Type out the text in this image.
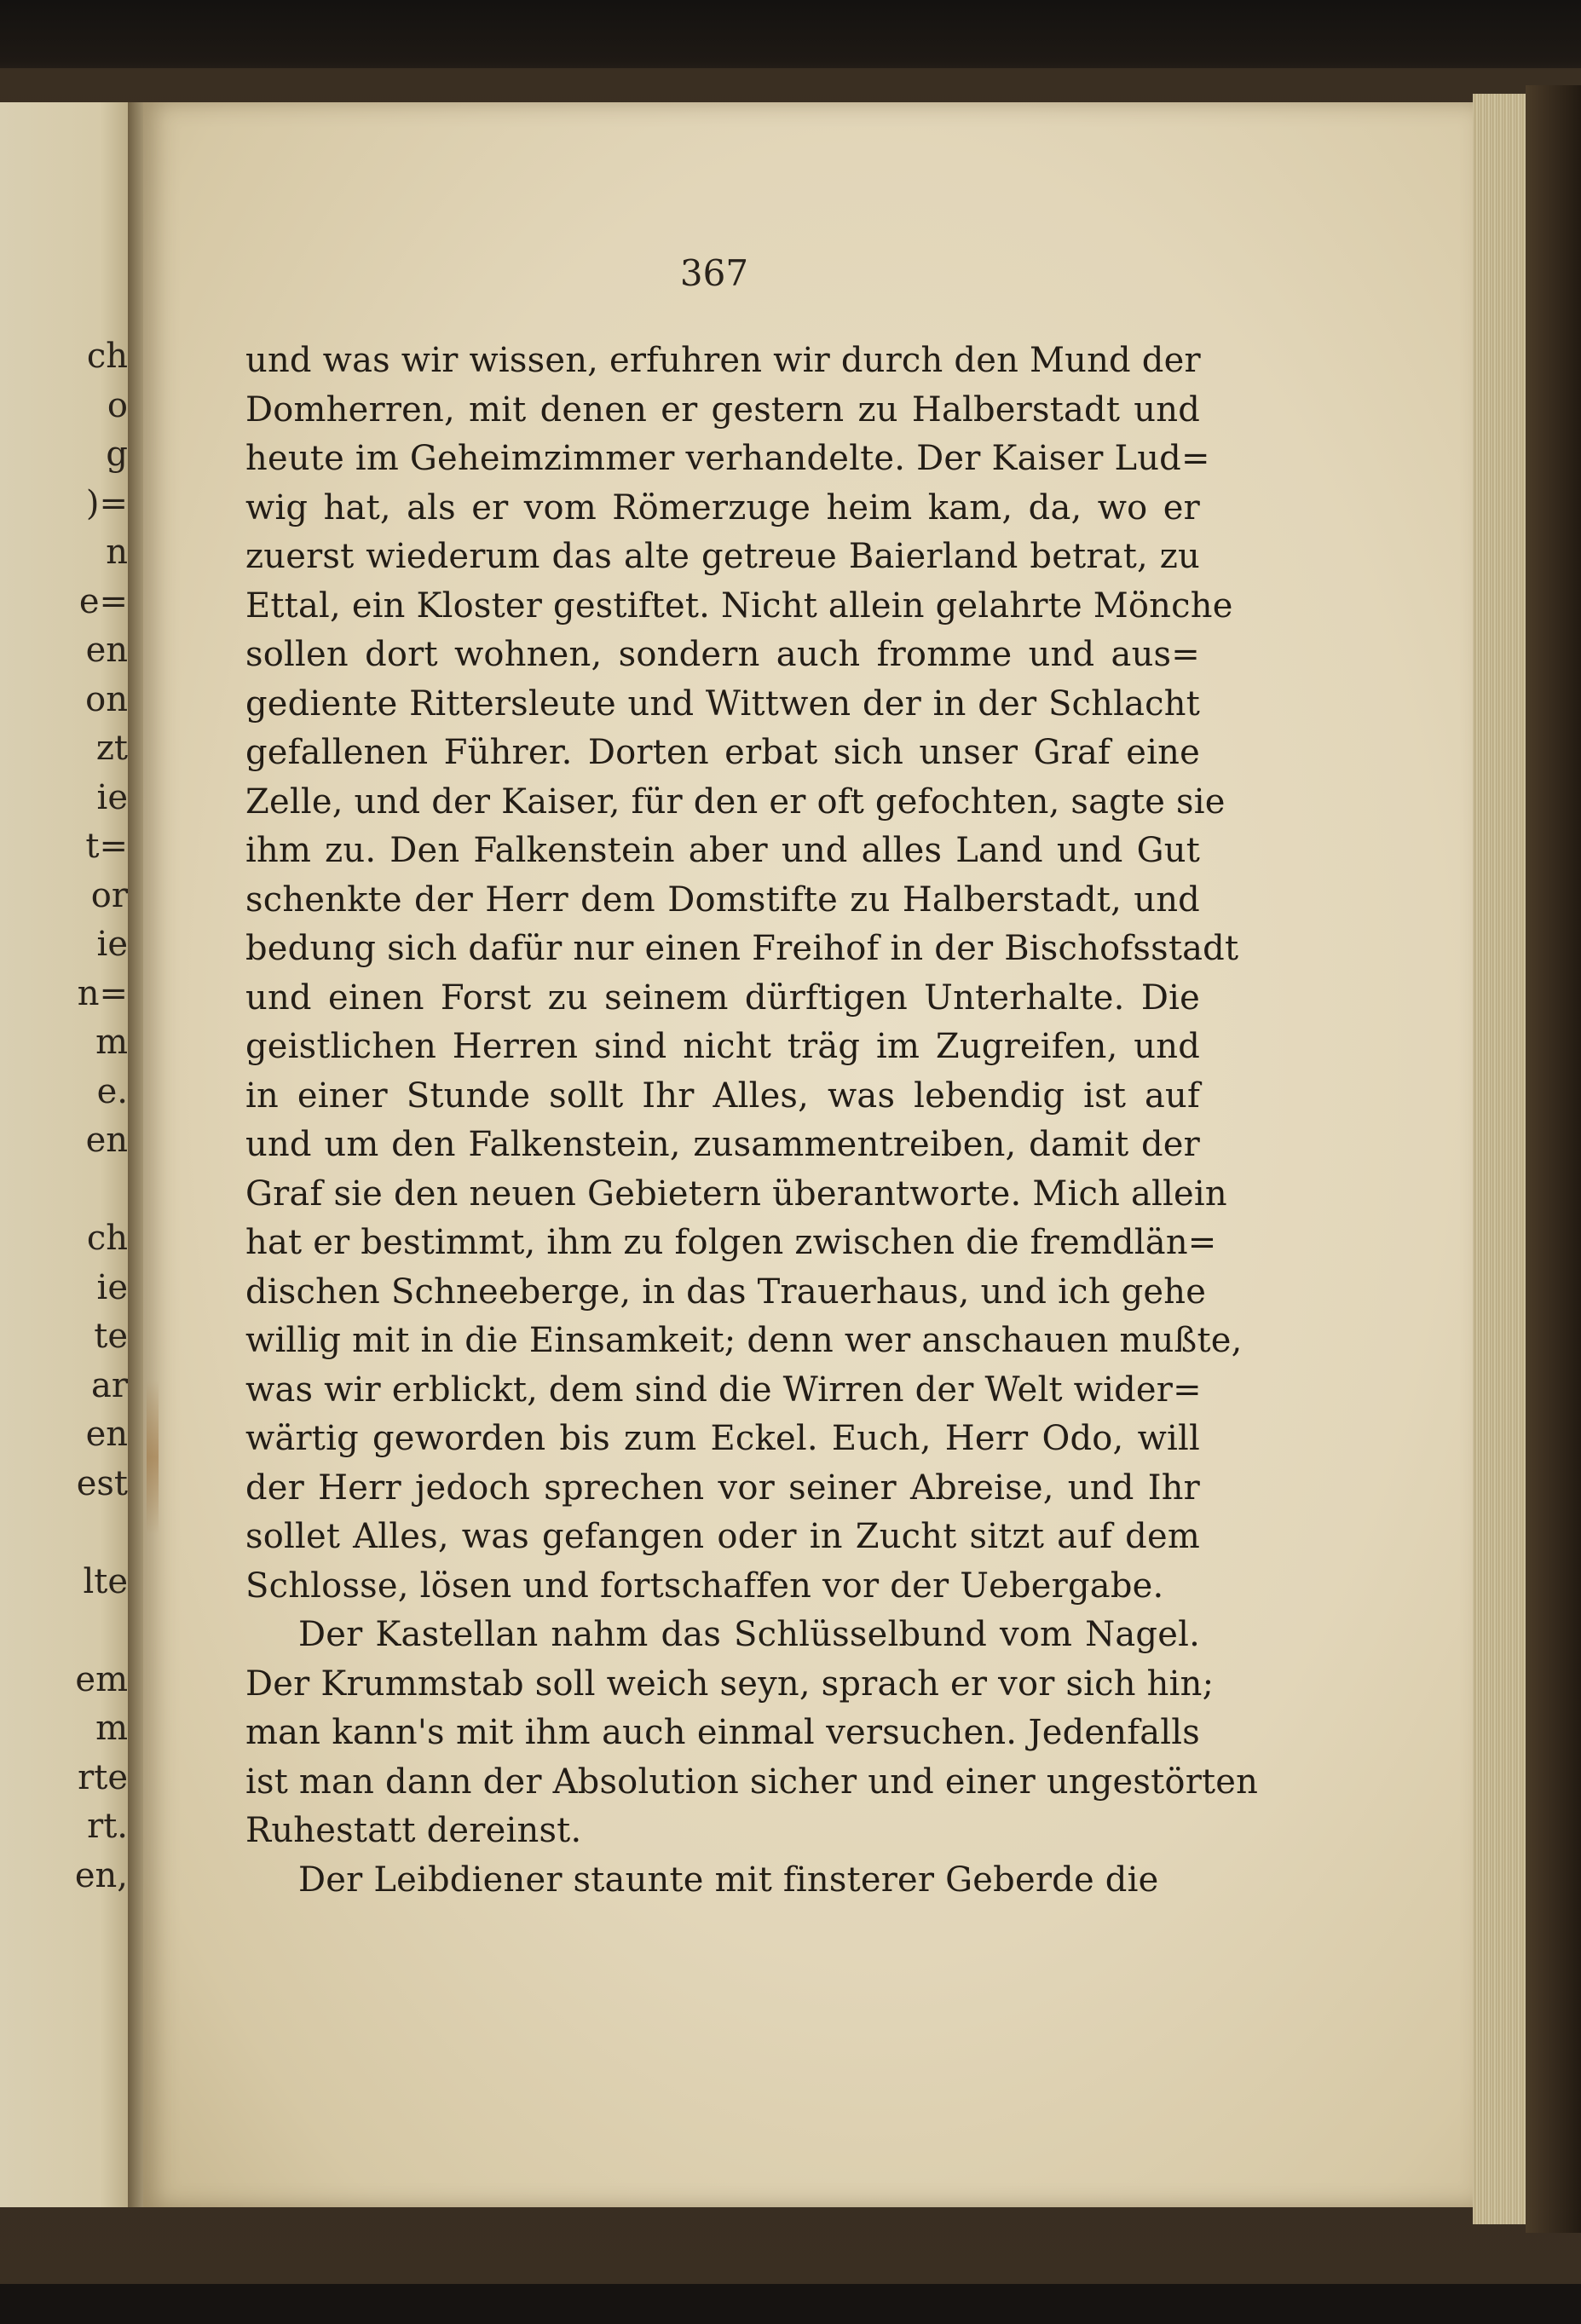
ch
o
g
)=
n
e=
en
on
zt
ie
t=
or
ie
n=
m
e.
en
ch
ie
te
ar
en
est
lte
em
m
rte
rt.
en,

367

und was wir wissen, erfuhren wir durch den Mund der
Domherren, mit denen er gestern zu Halberstadt und
heute im Geheimzimmer verhandelte. Der Kaiser Lud=
wig hat, als er vom Römerzuge heim kam, da, wo er
zuerst wiederum das alte getreue Baierland betrat, zu
Ettal, ein Kloster gestiftet. Nicht allein gelahrte Mönche
sollen dort wohnen, sondern auch fromme und aus=
gediente Rittersleute und Wittwen der in der Schlacht
gefallenen Führer. Dorten erbat sich unser Graf eine
Zelle, und der Kaiser, für den er oft gefochten, sagte sie
ihm zu. Den Falkenstein aber und alles Land und Gut
schenkte der Herr dem Domstifte zu Halberstadt, und
bedung sich dafür nur einen Freihof in der Bischofsstadt
und einen Forst zu seinem dürftigen Unterhalte. Die
geistlichen Herren sind nicht träg im Zugreifen, und
in einer Stunde sollt Ihr Alles, was lebendig ist auf
und um den Falkenstein, zusammentreiben, damit der
Graf sie den neuen Gebietern überantworte. Mich allein
hat er bestimmt, ihm zu folgen zwischen die fremdlän=
dischen Schneeberge, in das Trauerhaus, und ich gehe
willig mit in die Einsamkeit; denn wer anschauen mußte,
was wir erblickt, dem sind die Wirren der Welt wider=
wärtig geworden bis zum Eckel. Euch, Herr Odo, will
der Herr jedoch sprechen vor seiner Abreise, und Ihr
sollet Alles, was gefangen oder in Zucht sitzt auf dem
Schlosse, lösen und fortschaffen vor der Uebergabe.
Der Kastellan nahm das Schlüsselbund vom Nagel.
Der Krummstab soll weich seyn, sprach er vor sich hin;
man kann's mit ihm auch einmal versuchen. Jedenfalls
ist man dann der Absolution sicher und einer ungestörten
Ruhestatt dereinst.
Der Leibdiener staunte mit finsterer Geberde die
